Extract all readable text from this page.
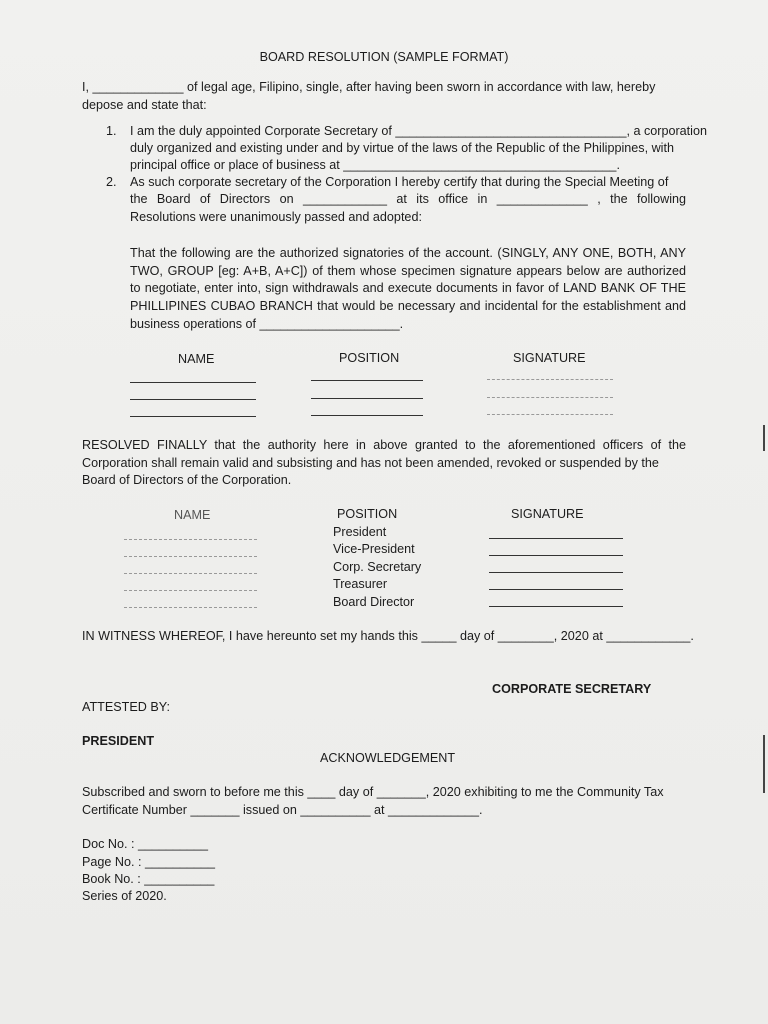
BOARD RESOLUTION (SAMPLE FORMAT)
I, _____________ of legal age, Filipino, single, after having been sworn in accordance with law, hereby
depose and state that:
1. I am the duly appointed Corporate Secretary of _________________________________, a corporation
duly organized and existing under and by virtue of the laws of the Republic of the Philippines, with
principal office or place of business at _______________________________________.
2. As such corporate secretary of the Corporation I hereby certify that during the Special Meeting of
the Board of Directors on ____________ at its office in _____________ , the following
Resolutions were unanimously passed and adopted:
That the following are the authorized signatories of the account. (SINGLY, ANY ONE, BOTH, ANY
TWO, GROUP [eg: A+B, A+C]) of them whose specimen signature appears below are authorized
to negotiate, enter into, sign withdrawals and execute documents in favor of LAND BANK OF THE
PHILLIPINES CUBAO BRANCH that would be necessary and incidental for the establishment and
business operations of ____________________.
NAME	POSITION	SIGNATURE
RESOLVED FINALLY that the authority here in above granted to the aforementioned officers of the
Corporation shall remain valid and subsisting and has not been amended, revoked or suspended by the
Board of Directors of the Corporation.
NAME	POSITION	SIGNATURE
President
Vice-President
Corp. Secretary
Treasurer
Board Director
IN WITNESS WHEREOF, I have hereunto set my hands this _____ day of ________, 2020 at ____________.
CORPORATE SECRETARY
ATTESTED BY:
PRESIDENT
ACKNOWLEDGEMENT
Subscribed and sworn to before me this ____ day of _______, 2020 exhibiting to me the Community Tax
Certificate Number _______ issued on __________ at _____________.
Doc No. : __________
Page No. : __________
Book No. : __________
Series of 2020.
